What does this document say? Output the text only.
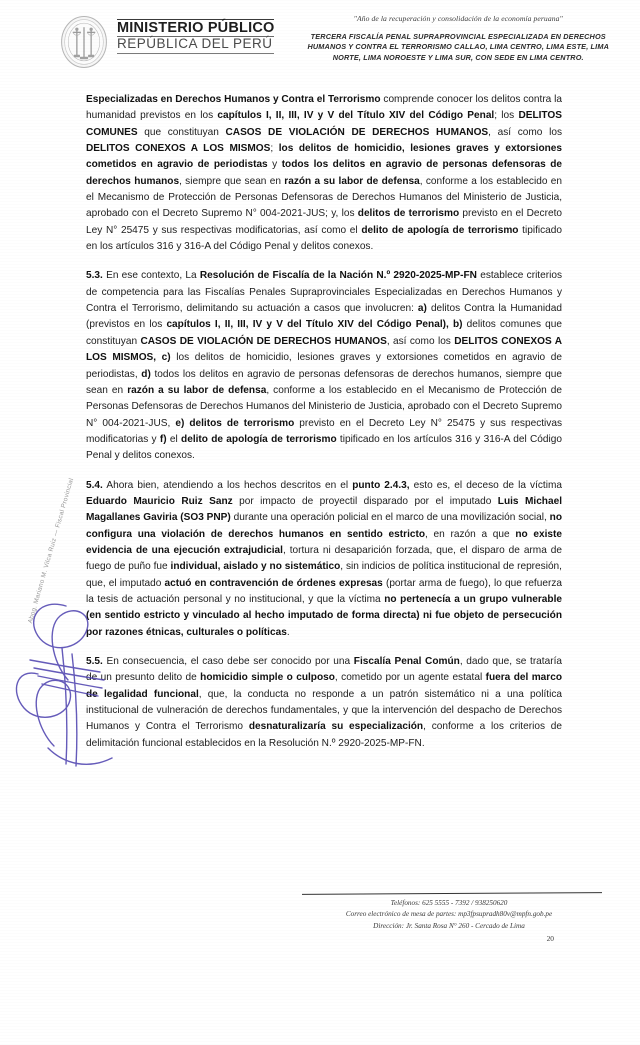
MINISTERIO PÚBLICO
REPÚBLICA DEL PERÚ
"Año de la recuperación y consolidación de la economía peruana"
TERCERA FISCALÍA PENAL SUPRAPROVINCIAL ESPECIALIZADA EN DERECHOS HUMANOS Y CONTRA EL TERRORISMO CALLAO, LIMA CENTRO, LIMA ESTE, LIMA NORTE, LIMA NOROESTE Y LIMA SUR, CON SEDE EN LIMA CENTRO.
Abog. Mariano M. Vilca Ruiz — Fiscal Provincial

Especializadas en Derechos Humanos y Contra el Terrorismo comprende conocer los delitos contra la humanidad previstos en los capítulos I, II, III, IV y V del Título XIV del Código Penal; los DELITOS COMUNES que constituyan CASOS DE VIOLACIÓN DE DERECHOS HUMANOS, así como los DELITOS CONEXOS A LOS MISMOS; los delitos de homicidio, lesiones graves y extorsiones cometidos en agravio de periodistas y todos los delitos en agravio de personas defensoras de derechos humanos, siempre que sean en razón a su labor de defensa, conforme a los establecido en el Mecanismo de Protección de Personas Defensoras de Derechos Humanos del Ministerio de Justicia, aprobado con el Decreto Supremo N° 004-2021-JUS; y, los delitos de terrorismo previsto en el Decreto Ley N° 25475 y sus respectivas modificatorias, así como el delito de apología de terrorismo tipificado en los artículos 316 y 316-A del Código Penal y delitos conexos.

5.3. En ese contexto, La Resolución de Fiscalía de la Nación N.º 2920-2025-MP-FN establece criterios de competencia para las Fiscalías Penales Supraprovinciales Especializadas en Derechos Humanos y Contra el Terrorismo, delimitando su actuación a casos que involucren: a) delitos Contra la Humanidad (previstos en los capítulos I, II, III, IV y V del Título XIV del Código Penal), b) delitos comunes que constituyan CASOS DE VIOLACIÓN DE DERECHOS HUMANOS, así como los DELITOS CONEXOS A LOS MISMOS, c) los delitos de homicidio, lesiones graves y extorsiones cometidos en agravio de periodistas, d) todos los delitos en agravio de personas defensoras de derechos humanos, siempre que sean en razón a su labor de defensa, conforme a los establecido en el Mecanismo de Protección de Personas Defensoras de Derechos Humanos del Ministerio de Justicia, aprobado con el Decreto Supremo N° 004-2021-JUS, e) delitos de terrorismo previsto en el Decreto Ley N° 25475 y sus respectivas modificatorias y f) el delito de apología de terrorismo tipificado en los artículos 316 y 316-A del Código Penal y delitos conexos.

5.4. Ahora bien, atendiendo a los hechos descritos en el punto 2.4.3, esto es, el deceso de la víctima Eduardo Mauricio Ruiz Sanz por impacto de proyectil disparado por el imputado Luis Michael Magallanes Gaviria (SO3 PNP) durante una operación policial en el marco de una movilización social, no configura una violación de derechos humanos en sentido estricto, en razón a que no existe evidencia de una ejecución extrajudicial, tortura ni desaparición forzada, que, el disparo de arma de fuego de puño fue individual, aislado y no sistemático, sin indicios de política institucional de represión, que, el imputado actuó en contravención de órdenes expresas (portar arma de fuego), lo que refuerza la tesis de actuación personal y no institucional, y que la víctima no pertenecía a un grupo vulnerable (en sentido estricto y vinculado al hecho imputado de forma directa) ni fue objeto de persecución por razones étnicas, culturales o políticas.

5.5. En consecuencia, el caso debe ser conocido por una Fiscalía Penal Común, dado que, se trataría de un presunto delito de homicidio simple o culposo, cometido por un agente estatal fuera del marco de legalidad funcional, que, la conducta no responde a un patrón sistemático ni a una política institucional de vulneración de derechos fundamentales, y que la intervención del despacho de Derechos Humanos y Contra el Terrorismo desnaturalizaría su especialización, conforme a los criterios de delimitación funcional establecidos en la Resolución N.º 2920-2025-MP-FN.

Teléfonos: 625 5555 - 7392 / 938250620
Correo electrónico de mesa de partes: mp3fpsupradh80v@mpfn.gob.pe
Dirección: Jr. Santa Rosa N° 260 - Cercado de Lima
20
